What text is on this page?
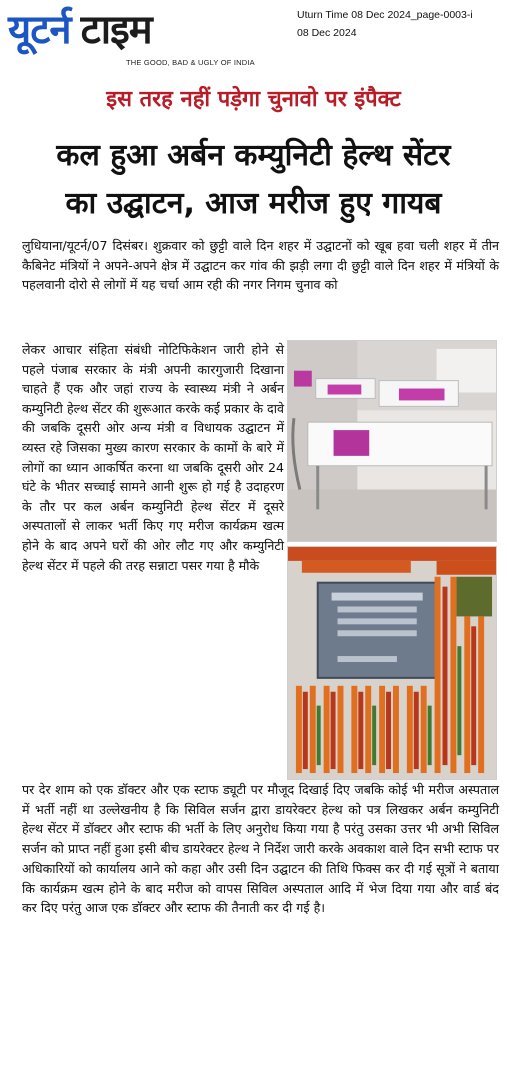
यूटर्न टाइम
THE GOOD, BAD & UGLY OF INDIA
Uturn Time 08 Dec 2024_page-0003-i
08 Dec 2024
इस तरह नहीं पड़ेगा चुनावो पर इंपैक्ट
कल हुआ अर्बन कम्युनिटी हेल्थ सेंटर
का उद्घाटन, आज मरीज हुए गायब

लुधियाना/यूटर्न/07 दिसंबर। शुक्रवार को छुट्टी वाले दिन शहर में उद्घाटनों को खूब हवा चली शहर में तीन कैबिनेट मंत्रियों ने अपने-अपने क्षेत्र में उद्घाटन कर गांव की झड़ी लगा दी छुट्टी वाले दिन शहर में मंत्रियों के पहलवानी दोरो से लोगों में यह चर्चा आम रही की नगर निगम चुनाव को

लेकर आचार संहिता संबंधी नोटिफिकेशन जारी होने से पहले पंजाब सरकार के मंत्री अपनी कारगुजारी दिखाना चाहते हैं एक और जहां राज्य के स्वास्थ्य मंत्री ने अर्बन कम्युनिटी हेल्थ सेंटर की शुरूआत करके कई प्रकार के दावे की जबकि दूसरी ओर अन्य मंत्री व विधायक उद्घाटन में व्यस्त रहे जिसका मुख्य कारण सरकार के कामों के बारे में लोगों का ध्यान आकर्षित करना था जबकि दूसरी ओर 24 घंटे के भीतर सच्चाई सामने आनी शुरू हो गई है उदाहरण के तौर पर कल अर्बन कम्युनिटी हेल्थ सेंटर में दूसरे अस्पतालों से लाकर भर्ती किए गए मरीज कार्यक्रम खत्म होने के बाद अपने घरों की ओर लौट गए और कम्युनिटी हेल्थ सेंटर में पहले की तरह सन्नाटा पसर गया है मौके

पर देर शाम को एक डॉक्टर और एक स्टाफ ड्यूटी पर मौजूद दिखाई दिए जबकि कोई भी मरीज अस्पताल में भर्ती नहीं था उल्लेखनीय है कि सिविल सर्जन द्वारा डायरेक्टर हेल्थ को पत्र लिखकर अर्बन कम्युनिटी हेल्थ सेंटर में डॉक्टर और स्टाफ की भर्ती के लिए अनुरोध किया गया है परंतु उसका उत्तर भी अभी सिविल सर्जन को प्राप्त नहीं हुआ इसी बीच डायरेक्टर हेल्थ ने निर्देश जारी करके अवकाश वाले दिन सभी स्टाफ पर अधिकारियों को कार्यालय आने को कहा और उसी दिन उद्घाटन की तिथि फिक्स कर दी गई सूत्रों ने बताया कि कार्यक्रम खत्म होने के बाद मरीज को वापस सिविल अस्पताल आदि में भेज दिया गया और वार्ड बंद कर दिए परंतु आज एक डॉक्टर और स्टाफ की तैनाती कर दी गई है।
